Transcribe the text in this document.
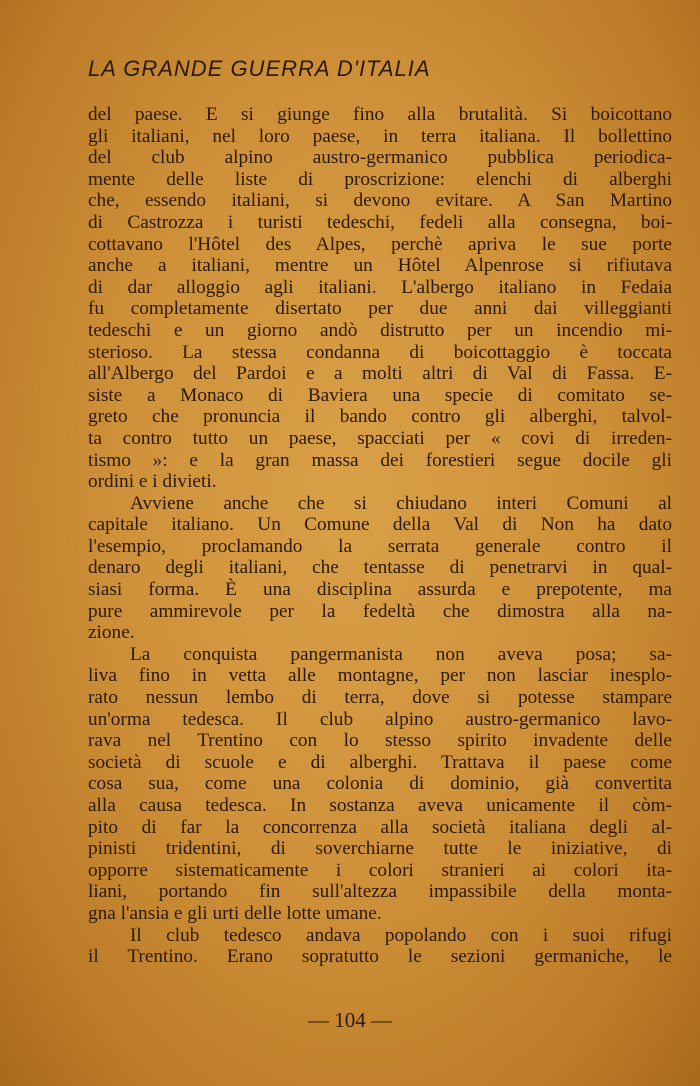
LA GRANDE GUERRA D'ITALIA

del paese. E si giunge fino alla brutalità. Si boicottano
gli italiani, nel loro paese, in terra italiana. Il bollettino
del club alpino austro-germanico pubblica periodica-
mente delle liste di proscrizione: elenchi di alberghi
che, essendo italiani, si devono evitare. A San Martino
di Castrozza i turisti tedeschi, fedeli alla consegna, boi-
cottavano l'Hôtel des Alpes, perchè apriva le sue porte
anche a italiani, mentre un Hôtel Alpenrose si rifiutava
di dar alloggio agli italiani. L'albergo italiano in Fedaia
fu completamente disertato per due anni dai villeggianti
tedeschi e un giorno andò distrutto per un incendio mi-
sterioso. La stessa condanna di boicottaggio è toccata
all'Albergo del Pardoi e a molti altri di Val di Fassa. E-
siste a Monaco di Baviera una specie di comitato se-
greto che pronuncia il bando contro gli alberghi, talvol-
ta contro tutto un paese, spacciati per « covi di irreden-
tismo »: e la gran massa dei forestieri segue docile gli
ordini e i divieti.

Avviene anche che si chiudano interi Comuni al
capitale italiano. Un Comune della Val di Non ha dato
l'esempio, proclamando la serrata generale contro il
denaro degli italiani, che tentasse di penetrarvi in qual-
siasi forma. È una disciplina assurda e prepotente, ma
pure ammirevole per la fedeltà che dimostra alla na-
zione.

La conquista pangermanista non aveva posa; sa-
liva fino in vetta alle montagne, per non lasciar inesplo-
rato nessun lembo di terra, dove si potesse stampare
un'orma tedesca. Il club alpino austro-germanico lavo-
rava nel Trentino con lo stesso spirito invadente delle
società di scuole e di alberghi. Trattava il paese come
cosa sua, come una colonia di dominio, già convertita
alla causa tedesca. In sostanza aveva unicamente il còm-
pito di far la concorrenza alla società italiana degli al-
pinisti tridentini, di soverchiarne tutte le iniziative, di
opporre sistematicamente i colori stranieri ai colori ita-
liani, portando fin sull'altezza impassibile della monta-
gna l'ansia e gli urti delle lotte umane.

Il club tedesco andava popolando con i suoi rifugi
il Trentino. Erano sopratutto le sezioni germaniche, le

— 104 —
